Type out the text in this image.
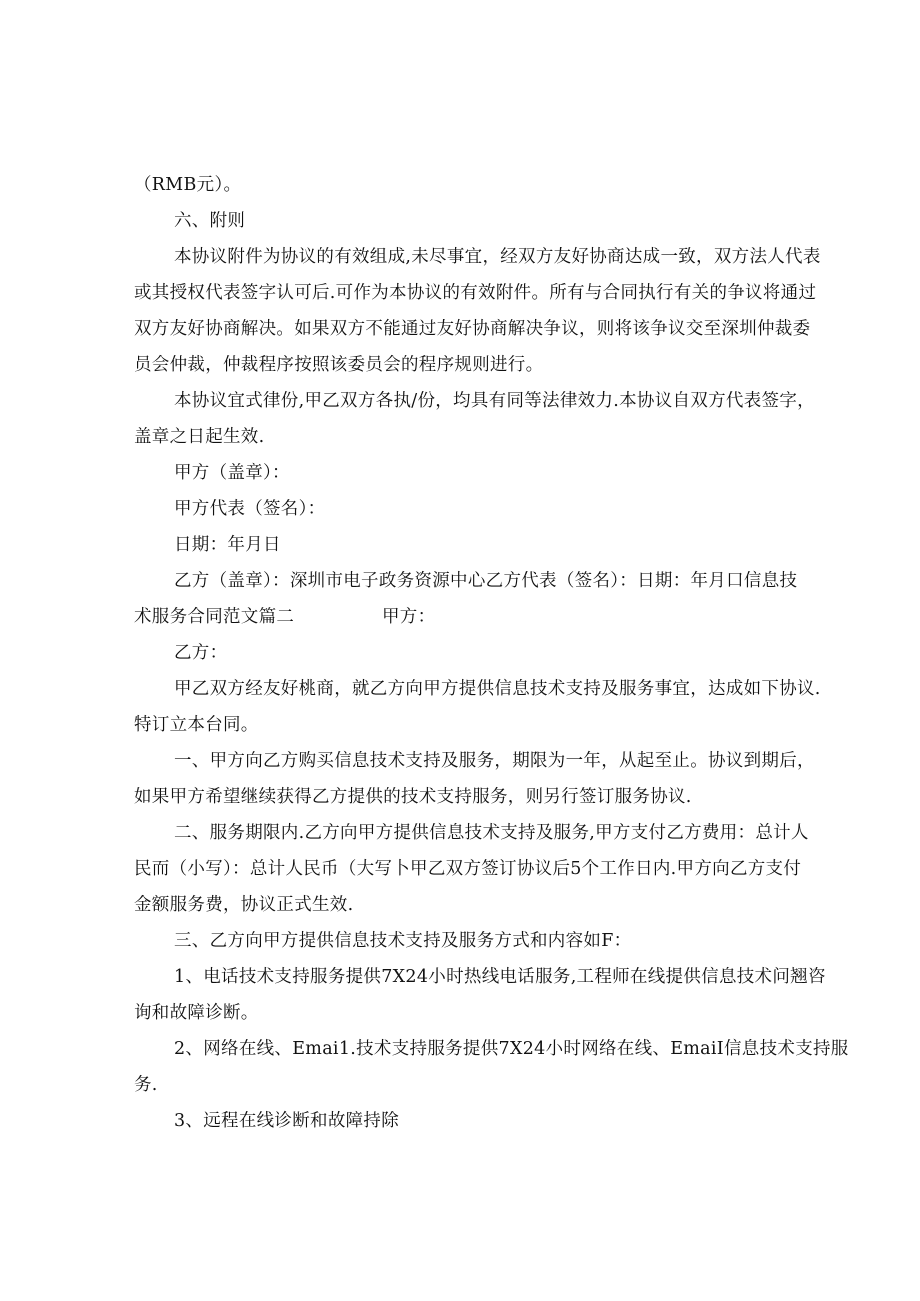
（RMB元）。
六、附则
本协议附件为协议的有效组成,未尽事宜，经双方友好协商达成一致，双方法人代表
或其授权代表签字认可后.可作为本协议的有效附件。所有与合同执行有关的争议将通过
双方友好协商解决。如果双方不能通过友好协商解决争议，则将该争议交至深圳仲裁委
员会仲裁，仲裁程序按照该委员会的程序规则进行。
本协议宜式律份,甲乙双方各执/份，均具有同等法律效力.本协议自双方代表签字，
盖章之日起生效.
甲方（盖章）：
甲方代表（签名）：
日期：年月日
乙方（盖章）：深圳市电子政务资源中心乙方代表（签名）：日期：年月口信息技
术服务合同范文篇二	甲方：
乙方：
甲乙双方经友好桃商，就乙方向甲方提供信息技术支持及服务事宜，达成如下协议.
特订立本台同。
一、甲方向乙方购买信息技术支持及服务，期限为一年，从起至止。协议到期后，
如果甲方希望继续获得乙方提供的技术支持服务，则另行签订服务协议.
二、服务期限内.乙方向甲方提供信息技术支持及服务,甲方支付乙方费用：总计人
民而（小写）：总计人民币（大写卜甲乙双方签订协议后5个工作日内.甲方向乙方支付
金额服务费，协议正式生效.
三、乙方向甲方提供信息技术支持及服务方式和内容如F：
1、电话技术支持服务提供7X24小时热线电话服务,工程师在线提供信息技术问翘咨
询和故障诊断。
2、网络在线、Emai1.技术支持服务提供7X24小时网络在线、EmaiI信息技术支持服
务.
3、远程在线诊断和故障持除
